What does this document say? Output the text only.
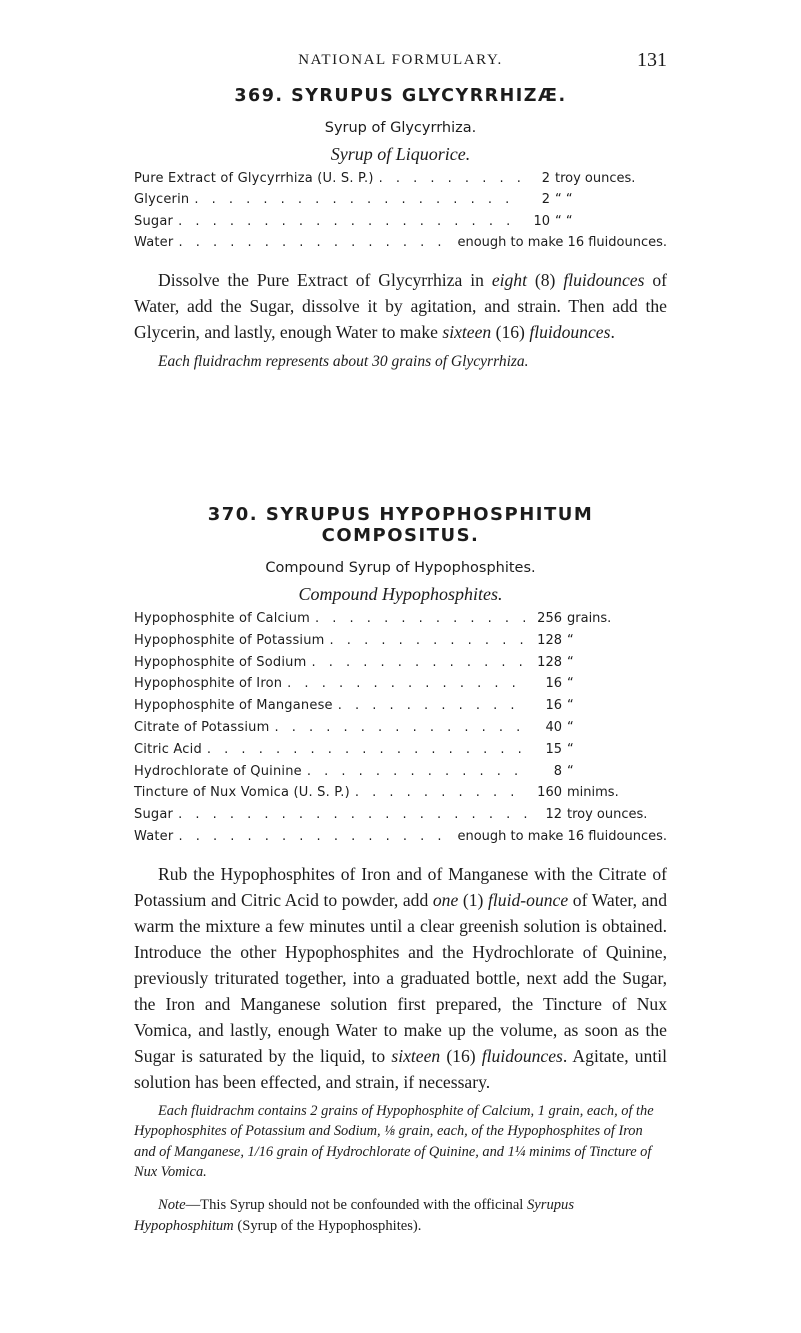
NATIONAL FORMULARY.	131
369. SYRUPUS GLYCYRRHIZÆ.

Syrup of Glycyrrhiza.

Syrup of Liquorice.

Pure Extract of Glycyrrhiza (U. S. P.) . . .	2 troy ounces.
Glycerin . . .	2 “ “
Sugar . . .	10 “ “
Water . . .	enough to make 16 fluidounces.

Dissolve the Pure Extract of Glycyrrhiza in eight (8) fluidounces of Water, add the Sugar, dissolve it by agitation, and strain. Then add the Glycerin, and lastly, enough Water to make sixteen (16) fluidounces.

Each fluidrachm represents about 30 grains of Glycyrrhiza.

370. SYRUPUS HYPOPHOSPHITUM COMPOSITUS.

Compound Syrup of Hypophosphites.

Compound Hypophosphites.

Hypophosphite of Calcium . . .	256 grains.
Hypophosphite of Potassium . . .	128 “
Hypophosphite of Sodium . . .	128 “
Hypophosphite of Iron . . .	16 “
Hypophosphite of Manganese . . .	16 “
Citrate of Potassium . . .	40 “
Citric Acid . . .	15 “
Hydrochlorate of Quinine . . .	8 “
Tincture of Nux Vomica (U. S. P.) . . .	160 minims.
Sugar . . .	12 troy ounces.
Water . . .	enough to make 16 fluidounces.

Rub the Hypophosphites of Iron and of Manganese with the Citrate of Potassium and Citric Acid to powder, add one (1) fluid-ounce of Water, and warm the mixture a few minutes until a clear greenish solution is obtained. Introduce the other Hypophosphites and the Hydrochlorate of Quinine, previously triturated together, into a graduated bottle, next add the Sugar, the Iron and Manganese solution first prepared, the Tincture of Nux Vomica, and lastly, enough Water to make up the volume, as soon as the Sugar is saturated by the liquid, to sixteen (16) fluidounces. Agitate, until solution has been effected, and strain, if necessary.

Each fluidrachm contains 2 grains of Hypophosphite of Calcium, 1 grain, each, of the Hypophosphites of Potassium and Sodium, ⅛ grain, each, of the Hypophosphites of Iron and of Manganese, 1/16 grain of Hydrochlorate of Quinine, and 1¼ minims of Tincture of Nux Vomica.

Note—This Syrup should not be confounded with the officinal Syrupus Hypophosphitum (Syrup of the Hypophosphites).
